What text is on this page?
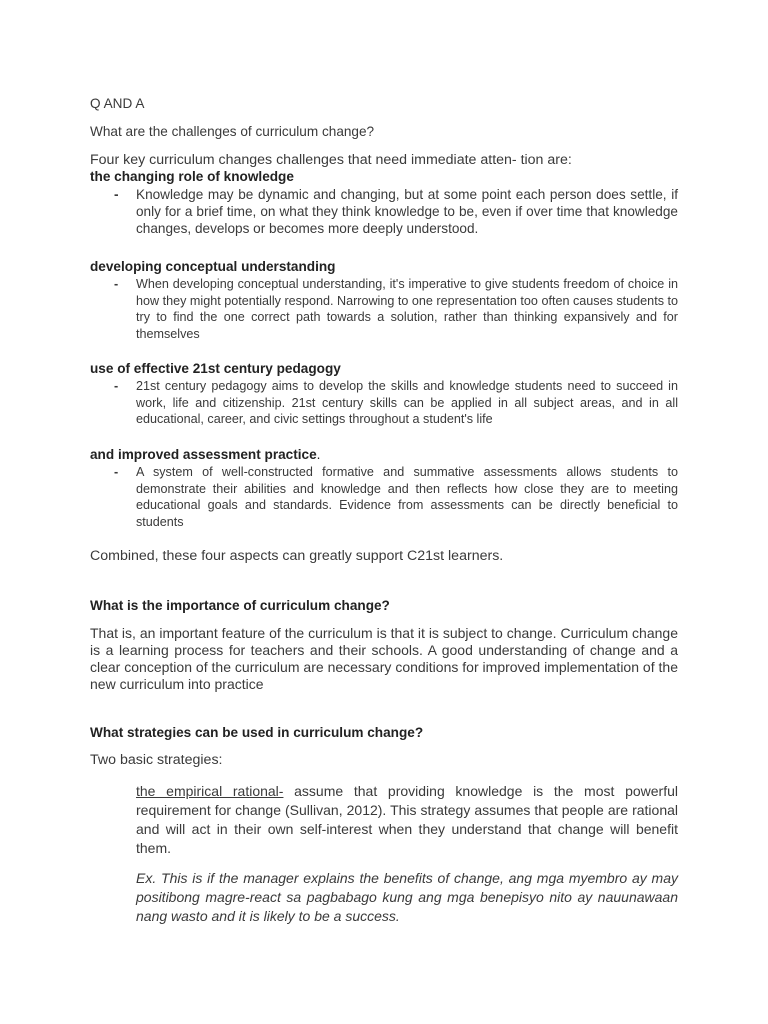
Q AND A
What are the challenges of curriculum change?
Four key curriculum changes challenges that need immediate atten- tion are:
the changing role of knowledge
- Knowledge may be dynamic and changing, but at some point each person does settle, if only for a brief time, on what they think knowledge to be, even if over time that knowledge changes, develops or becomes more deeply understood.
developing conceptual understanding
- When developing conceptual understanding, it's imperative to give students freedom of choice in how they might potentially respond. Narrowing to one representation too often causes students to try to find the one correct path towards a solution, rather than thinking expansively and for themselves
use of effective 21st century pedagogy
- 21st century pedagogy aims to develop the skills and knowledge students need to succeed in work, life and citizenship. 21st century skills can be applied in all subject areas, and in all educational, career, and civic settings throughout a student's life
and improved assessment practice.
- A system of well-constructed formative and summative assessments allows students to demonstrate their abilities and knowledge and then reflects how close they are to meeting educational goals and standards. Evidence from assessments can be directly beneficial to students
Combined, these four aspects can greatly support C21st learners.
What is the importance of curriculum change?
That is, an important feature of the curriculum is that it is subject to change. Curriculum change is a learning process for teachers and their schools. A good understanding of change and a clear conception of the curriculum are necessary conditions for improved implementation of the new curriculum into practice
What strategies can be used in curriculum change?
Two basic strategies:
the empirical rational- assume that providing knowledge is the most powerful requirement for change (Sullivan, 2012). This strategy assumes that people are rational and will act in their own self-interest when they understand that change will benefit them.
Ex. This is if the manager explains the benefits of change, ang mga myembro ay may positibong magre-react sa pagbabago kung ang mga benepisyo nito ay nauunawaan nang wasto and it is likely to be a success.
